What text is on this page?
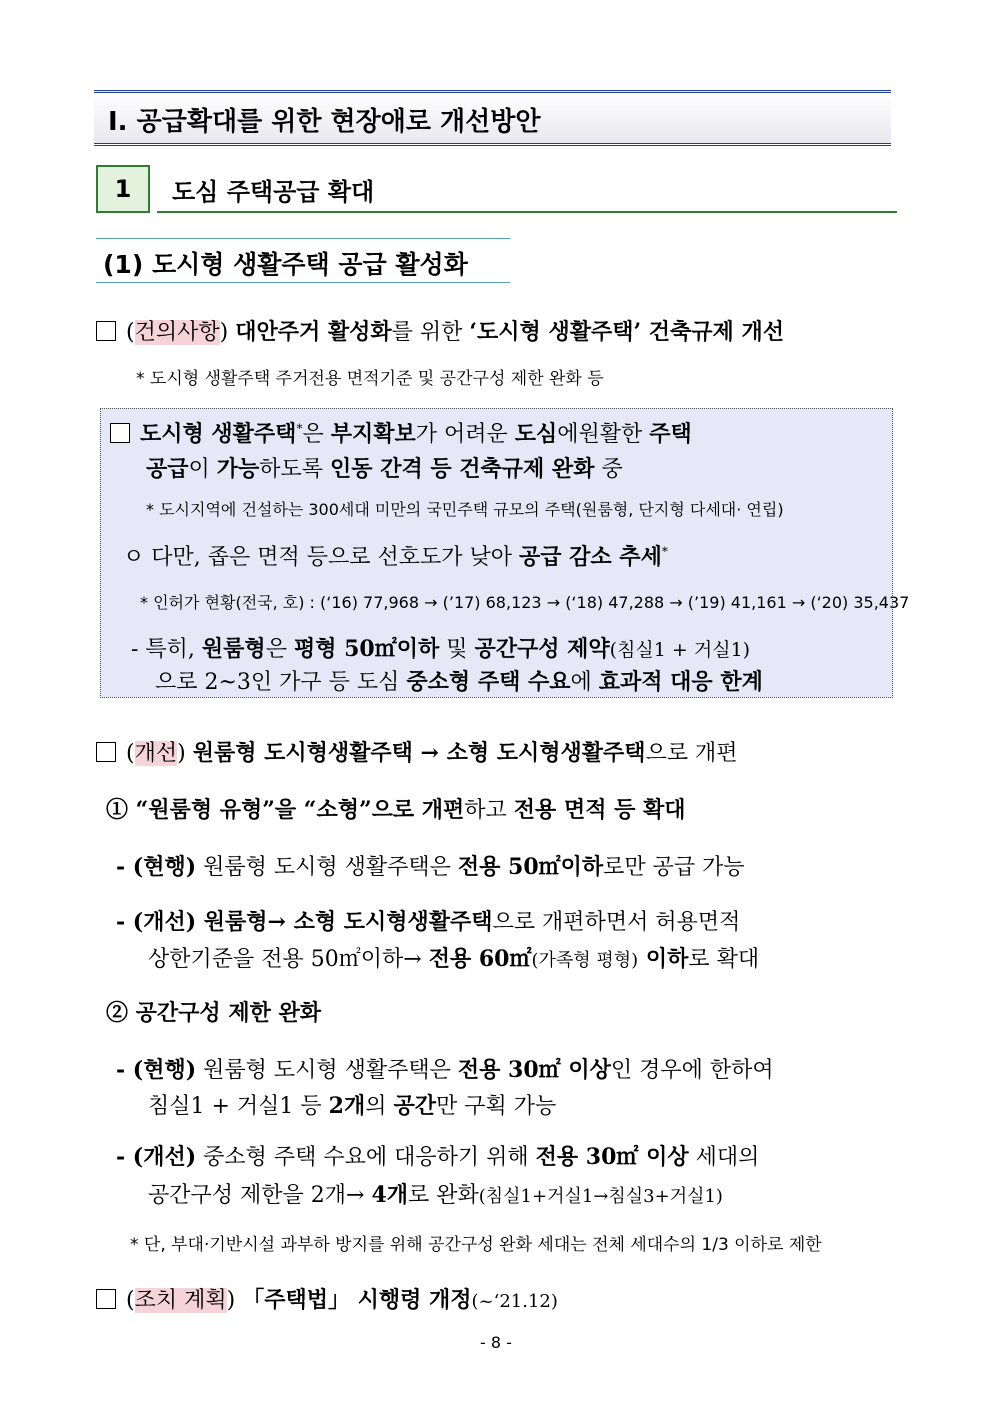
Ⅰ. 공급확대를 위한 현장애로 개선방안
1	도심 주택공급 확대
(1) 도시형 생활주택 공급 활성화
(건의사항) 대안주거 활성화를 위한 ‘도시형 생활주택’ 건축규제 개선
* 도시형 생활주택 주거전용 면적기준 및 공간구성 제한 완화 등
도시형 생활주택*은 부지확보가 어려운 도심에원활한 주택
공급이 가능하도록 인동 간격 등 건축규제 완화 중
* 도시지역에 건설하는 300세대 미만의 국민주택 규모의 주택(원룸형, 단지형 다세대· 연립)
ㅇ 다만, 좁은 면적 등으로 선호도가 낮아 공급 감소 추세*
* 인허가 현황(전국, 호) : (‘16) 77,968 → (’17) 68,123 → (‘18) 47,288 → (’19) 41,161 → (‘20) 35,437
- 특히, 원룸형은 평형 50㎡이하 및 공간구성 제약(침실1 + 거실1)
으로 2~3인 가구 등 도심 중소형 주택 수요에 효과적 대응 한계
(개선) 원룸형 도시형생활주택 → 소형 도시형생활주택으로 개편
① “원룸형 유형”을 “소형”으로 개편하고 전용 면적 등 확대
- (현행) 원룸형 도시형 생활주택은 전용 50㎡이하로만 공급 가능
- (개선) 원룸형→ 소형 도시형생활주택으로 개편하면서 허용면적
상한기준을 전용 50㎡이하→ 전용 60㎡(가족형 평형) 이하로 확대
② 공간구성 제한 완화
- (현행) 원룸형 도시형 생활주택은 전용 30㎡ 이상인 경우에 한하여
침실1 + 거실1 등 2개의 공간만 구획 가능
- (개선) 중소형 주택 수요에 대응하기 위해 전용 30㎡ 이상 세대의
공간구성 제한을 2개→ 4개로 완화(침실1+거실1→침실3+거실1)
* 단, 부대·기반시설 과부하 방지를 위해 공간구성 완화 세대는 전체 세대수의 1/3 이하로 제한
(조치 계획) 「주택법」 시행령 개정(~‘21.12)
- 8 -
